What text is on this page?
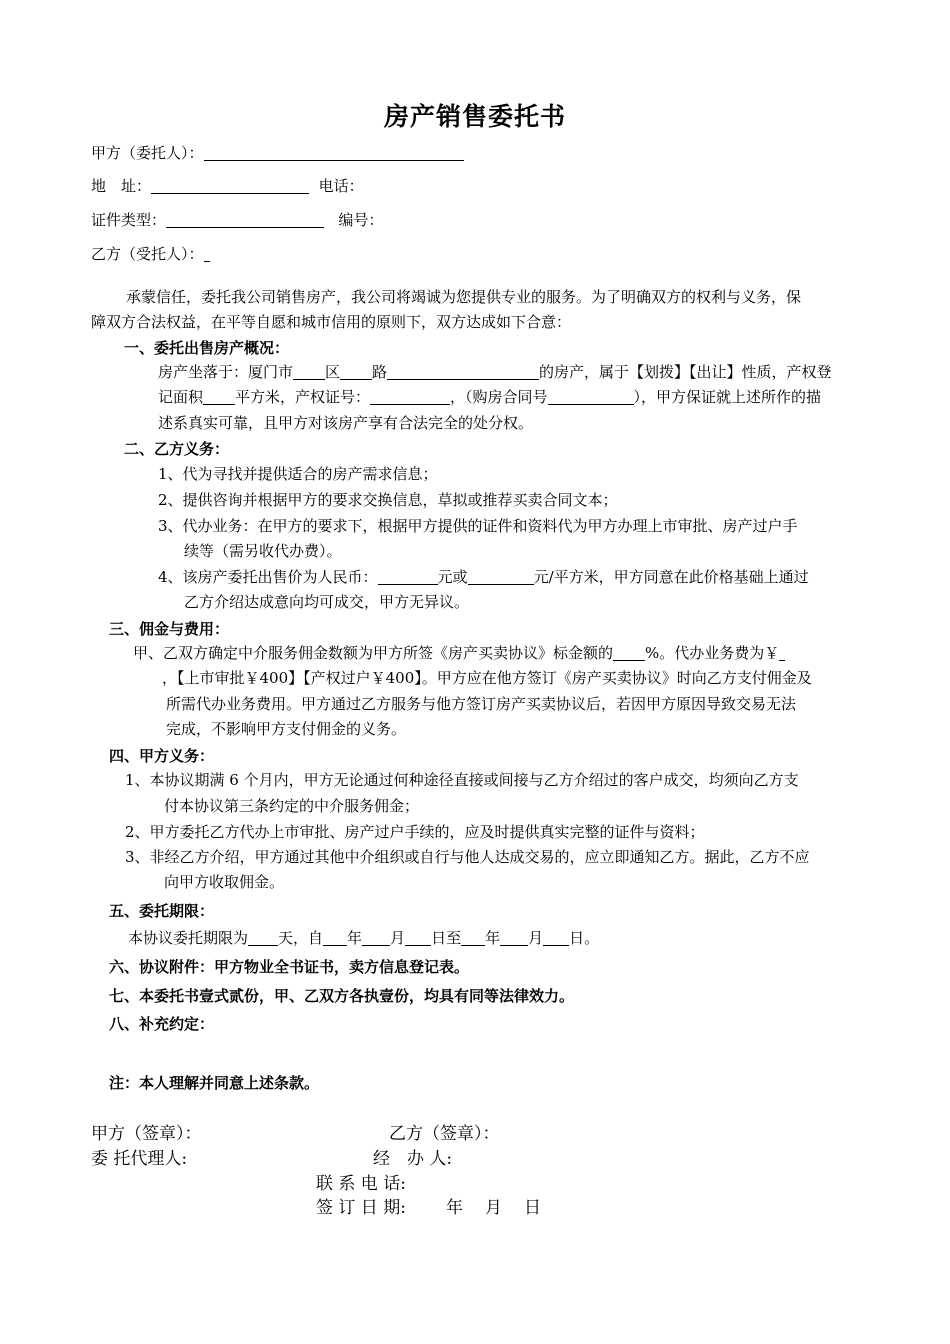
房产销售委托书
甲方（委托人）：
地　址：	电话：
证件类型：	编号：
乙方（受托人）：
承蒙信任，委托我公司销售房产，我公司将竭诚为您提供专业的服务。为了明确双方的权利与义务，保
障双方合法权益，在平等自愿和城市信用的原则下，双方达成如下合意：
一、委托出售房产概况：
房产坐落于：厦门市 区 路	的房产，属于【划拨】【出让】性质，产权登
记面积 平方米，产权证号：	，（购房合同号	），甲方保证就上述所作的描
述系真实可靠，且甲方对该房产享有合法完全的处分权。
二、乙方义务：
1、代为寻找并提供适合的房产需求信息；
2、提供咨询并根据甲方的要求交换信息，草拟或推荐买卖合同文本；
3、代办业务：在甲方的要求下，根据甲方提供的证件和资料代为甲方办理上市审批、房产过户手
续等（需另收代办费）。
4、该房产委托出售价为人民币：	元或	元/平方米，甲方同意在此价格基础上通过
乙方介绍达成意向均可成交，甲方无异议。
三、佣金与费用：
甲、乙双方确定中介服务佣金数额为甲方所签《房产买卖协议》标金额的 %。代办业务费为￥
，【上市审批￥400】【产权过户￥400】。甲方应在他方签订《房产买卖协议》时向乙方支付佣金及
所需代办业务费用。甲方通过乙方服务与他方签订房产买卖协议后，若因甲方原因导致交易无法
完成，不影响甲方支付佣金的义务。
四、甲方义务：
1、本协议期满 6 个月内，甲方无论通过何种途径直接或间接与乙方介绍过的客户成交，均须向乙方支
付本协议第三条约定的中介服务佣金；
2、甲方委托乙方代办上市审批、房产过户手续的，应及时提供真实完整的证件与资料；
3、非经乙方介绍，甲方通过其他中介组织或自行与他人达成交易的，应立即通知乙方。据此，乙方不应
向甲方收取佣金。
五、委托期限：
本协议委托期限为 天，自 年 月 日至 年 月 日。
六、协议附件：甲方物业全书证书，卖方信息登记表。
七、本委托书壹式贰份，甲、乙双方各执壹份，均具有同等法律效力。
八、补充约定：
注：本人理解并同意上述条款。
甲方（签章）：	乙方（签章）：
委 托代理人:	经　办 人:
联 系 电 话:
签 订 日 期: 年 月 日
